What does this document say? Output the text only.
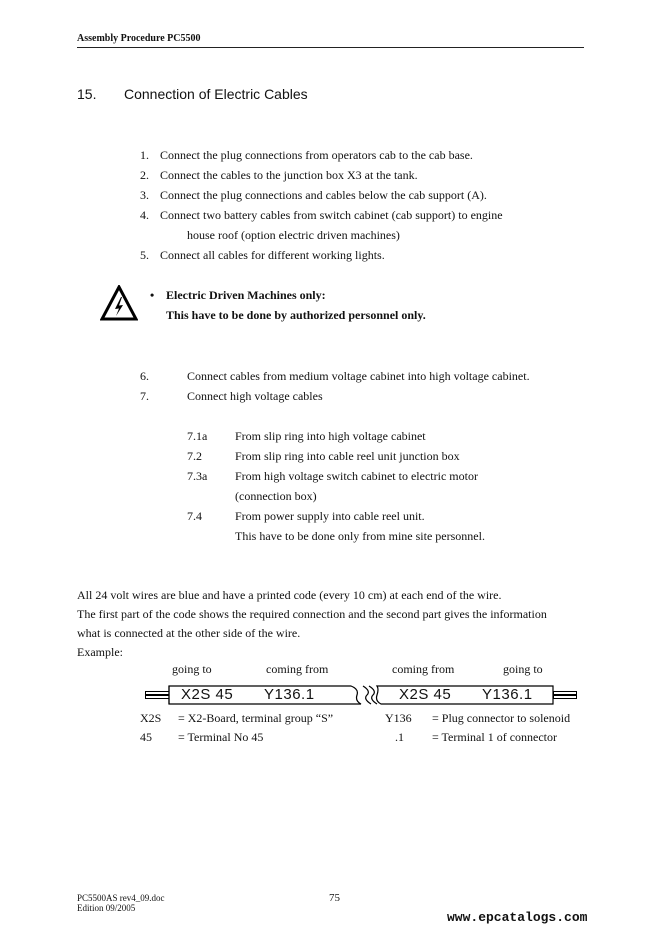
Assembly Procedure PC5500
15. Connection of Electric Cables
1. Connect the plug connections from operators cab to the cab base.
2. Connect the cables to the junction box X3 at the tank.
3. Connect the plug connections and cables below the cab support (A).
4. Connect two battery cables from switch cabinet (cab support) to engine
house roof (option electric driven machines)
5. Connect all cables for different working lights.
• Electric Driven Machines only:
This have to be done by authorized personnel only.
6.	Connect cables from medium voltage cabinet into high voltage cabinet.
7.	Connect high voltage cables
7.1a From slip ring into high voltage cabinet
7.2	From slip ring into cable reel unit junction box
7.3a From high voltage switch cabinet to electric motor
(connection box)
7.4	From power supply into cable reel unit.
This have to be done only from mine site personnel.
All 24 volt wires are blue and have a printed code (every 10 cm) at each end of the wire.
The first part of the code shows the required connection and the second part gives the information
what is connected at the other side of the wire.
Example:
going to	coming from	coming from	going to
X2S 45 Y136.1	X2S 45 Y136.1
X2S = X2-Board, terminal group “S”	Y136 = Plug connector to solenoid
45 = Terminal No 45	.1 = Terminal 1 of connector
PC5500AS rev4_09.doc
Edition 09/2005
75
www.epcatalogs.com
